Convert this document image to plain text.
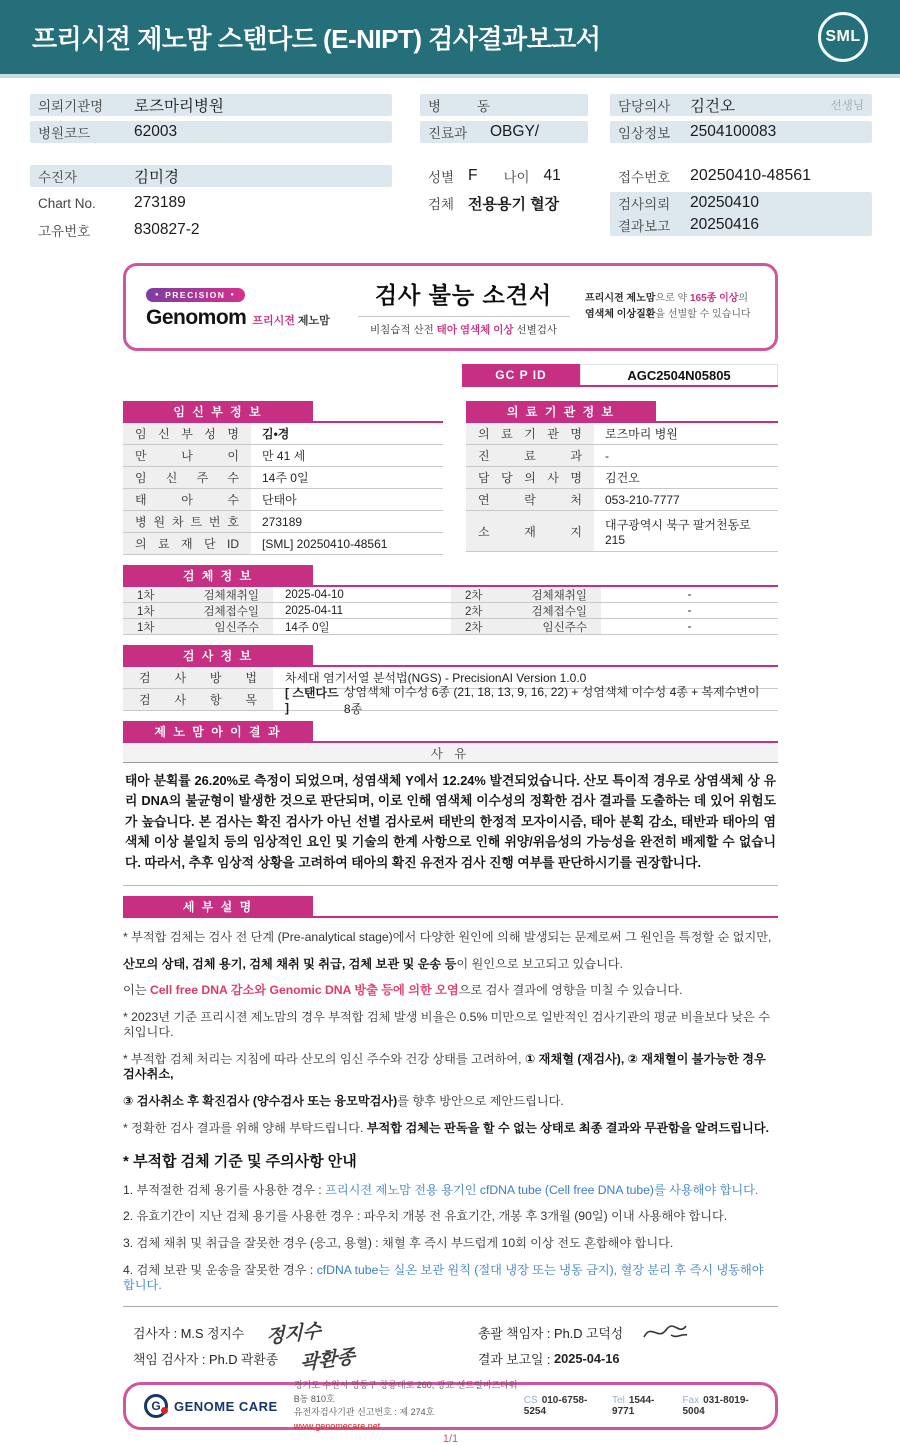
프리시젼 제노맘 스탠다드 (E-NIPT) 검사결과보고서	SML
의뢰기관명	로즈마리병원
병원코드	62003
수진자	김미경
Chart No.	273189
고유번호	830827-2
병 동
진료과	OBGY/
성별 F 나이 41
검체 전용용기 혈장
담당의사	김건오	선생님
임상정보	2504100083
접수번호	20250410-48561
검사의뢰	20250410
결과보고	20250416
● PRECISION ●
Genomom 프리시젼 제노맘
검사 불능 소견서
비침습적 산전 태아 염색체 이상 선별검사
프리시젼 제노맘으로 약 165종 이상의
염색체 이상질환을 선별할 수 있습니다
GC P ID	AGC2504N05805
임 신 부 정 보
임 신 부 성 명	김•경
만 나 이	만 41 세
임 신 주 수	14주 0일
태 아 수	단태아
병 원 차 트 번 호	273189
의 료 재 단 ID	[SML] 20250410-48561
의 료 기 관 정 보
의 료 기 관 명	로즈마리 병원
진 료 과	-
담 당 의 사 명	김건오
연 락 처	053-210-7777
소 재 지	대구광역시 북구 팔거천동로 215
검 체 정 보
1차 검체채취일	2025-04-10	2차 검체채취일	-
1차 검체접수일	2025-04-11	2차 검체접수일	-
1차 임신주수	14주 0일	2차 임신주수	-
검 사 정 보
검 사 방 법	차세대 염기서열 분석법(NGS) - PrecisionAI Version 1.0.0
검 사 항 목 [ 스탠다드 ]
상염색체 이수성 6종 (21, 18, 13, 9, 16, 22) + 성염색체 이수성 4종 + 복제수변이 8종
제 노 맘 아 이 결 과
사 유
태아 분획률 26.20%로 측정이 되었으며, 성염색체 Y에서 12.24% 발견되었습니다. 산모 특이적 경우로 상염색체 상 유리 DNA의 불균형이 발생한 것으로 판단되며, 이로 인해 염색체 이수성의 정확한 검사 결과를 도출하는 데 있어 위험도가 높습니다. 본 검사는 확진 검사가 아닌 선별 검사로써 태반의 한정적 모자이시즘, 태아 분획 감소, 태반과 태아의 염색체 이상 불일치 등의 임상적인 요인 및 기술의 한계 사항으로 인해 위양/위음성의 가능성을 완전히 배제할 수 없습니다. 따라서, 추후 임상적 상황을 고려하여 태아의 확진 유전자 검사 진행 여부를 판단하시기를 권장합니다.
세 부 설 명
* 부적합 검체는 검사 전 단계 (Pre-analytical stage)에서 다양한 원인에 의해 발생되는 문제로써 그 원인을 특정할 순 없지만,
산모의 상태, 검체 용기, 검체 채취 및 취급, 검체 보관 및 운송 등이 원인으로 보고되고 있습니다.
이는 Cell free DNA 감소와 Genomic DNA 방출 등에 의한 오염으로 검사 결과에 영향을 미칠 수 있습니다.
* 2023년 기준 프리시젼 제노맘의 경우 부적합 검체 발생 비율은 0.5% 미만으로 일반적인 검사기관의 평균 비율보다 낮은 수치입니다.
* 부적합 검체 처리는 지침에 따라 산모의 임신 주수와 건강 상태를 고려하여, ① 재채혈 (재검사), ② 재채혈이 불가능한 경우 검사취소,
③ 검사취소 후 확진검사 (양수검사 또는 융모막검사)를 향후 방안으로 제안드립니다.
* 정확한 검사 결과를 위해 양해 부탁드립니다. 부적합 검체는 판독을 할 수 없는 상태로 최종 결과와 무관함을 알려드립니다.
* 부적합 검체 기준 및 주의사항 안내
1. 부적절한 검체 용기를 사용한 경우 : 프리시젼 제노맘 전용 용기인 cfDNA tube (Cell free DNA tube)를 사용해야 합니다.
2. 유효기간이 지난 검체 용기를 사용한 경우 : 파우치 개봉 전 유효기간, 개봉 후 3개월 (90일) 이내 사용해야 합니다.
3. 검체 채취 및 취급을 잘못한 경우 (응고, 용혈) : 채혈 후 즉시 부드럽게 10회 이상 전도 혼합해야 합니다.
4. 검체 보관 및 운송을 잘못한 경우 : cfDNA tube는 실온 보관 원칙 (절대 냉장 또는 냉동 금지), 혈장 분리 후 즉시 냉동해야 합니다.
검사자 :
M.S 정지수 정지수
책임 검사자 :
Ph.D 곽환종 곽환종
총괄 책임자 :
Ph.D 고덕성
결과 보고일 :
2025-04-16
G	GENOME CARE
경기도 수원시 영통구 창룡대로 260, 광교 센트럴비즈타워 B동 810호
유전자검사기관 신고번호 : 제 274호
www.genomecare.net
CS 010-6758-5254
Tel 1544-9771
Fax 031-8019-5004
1/1
